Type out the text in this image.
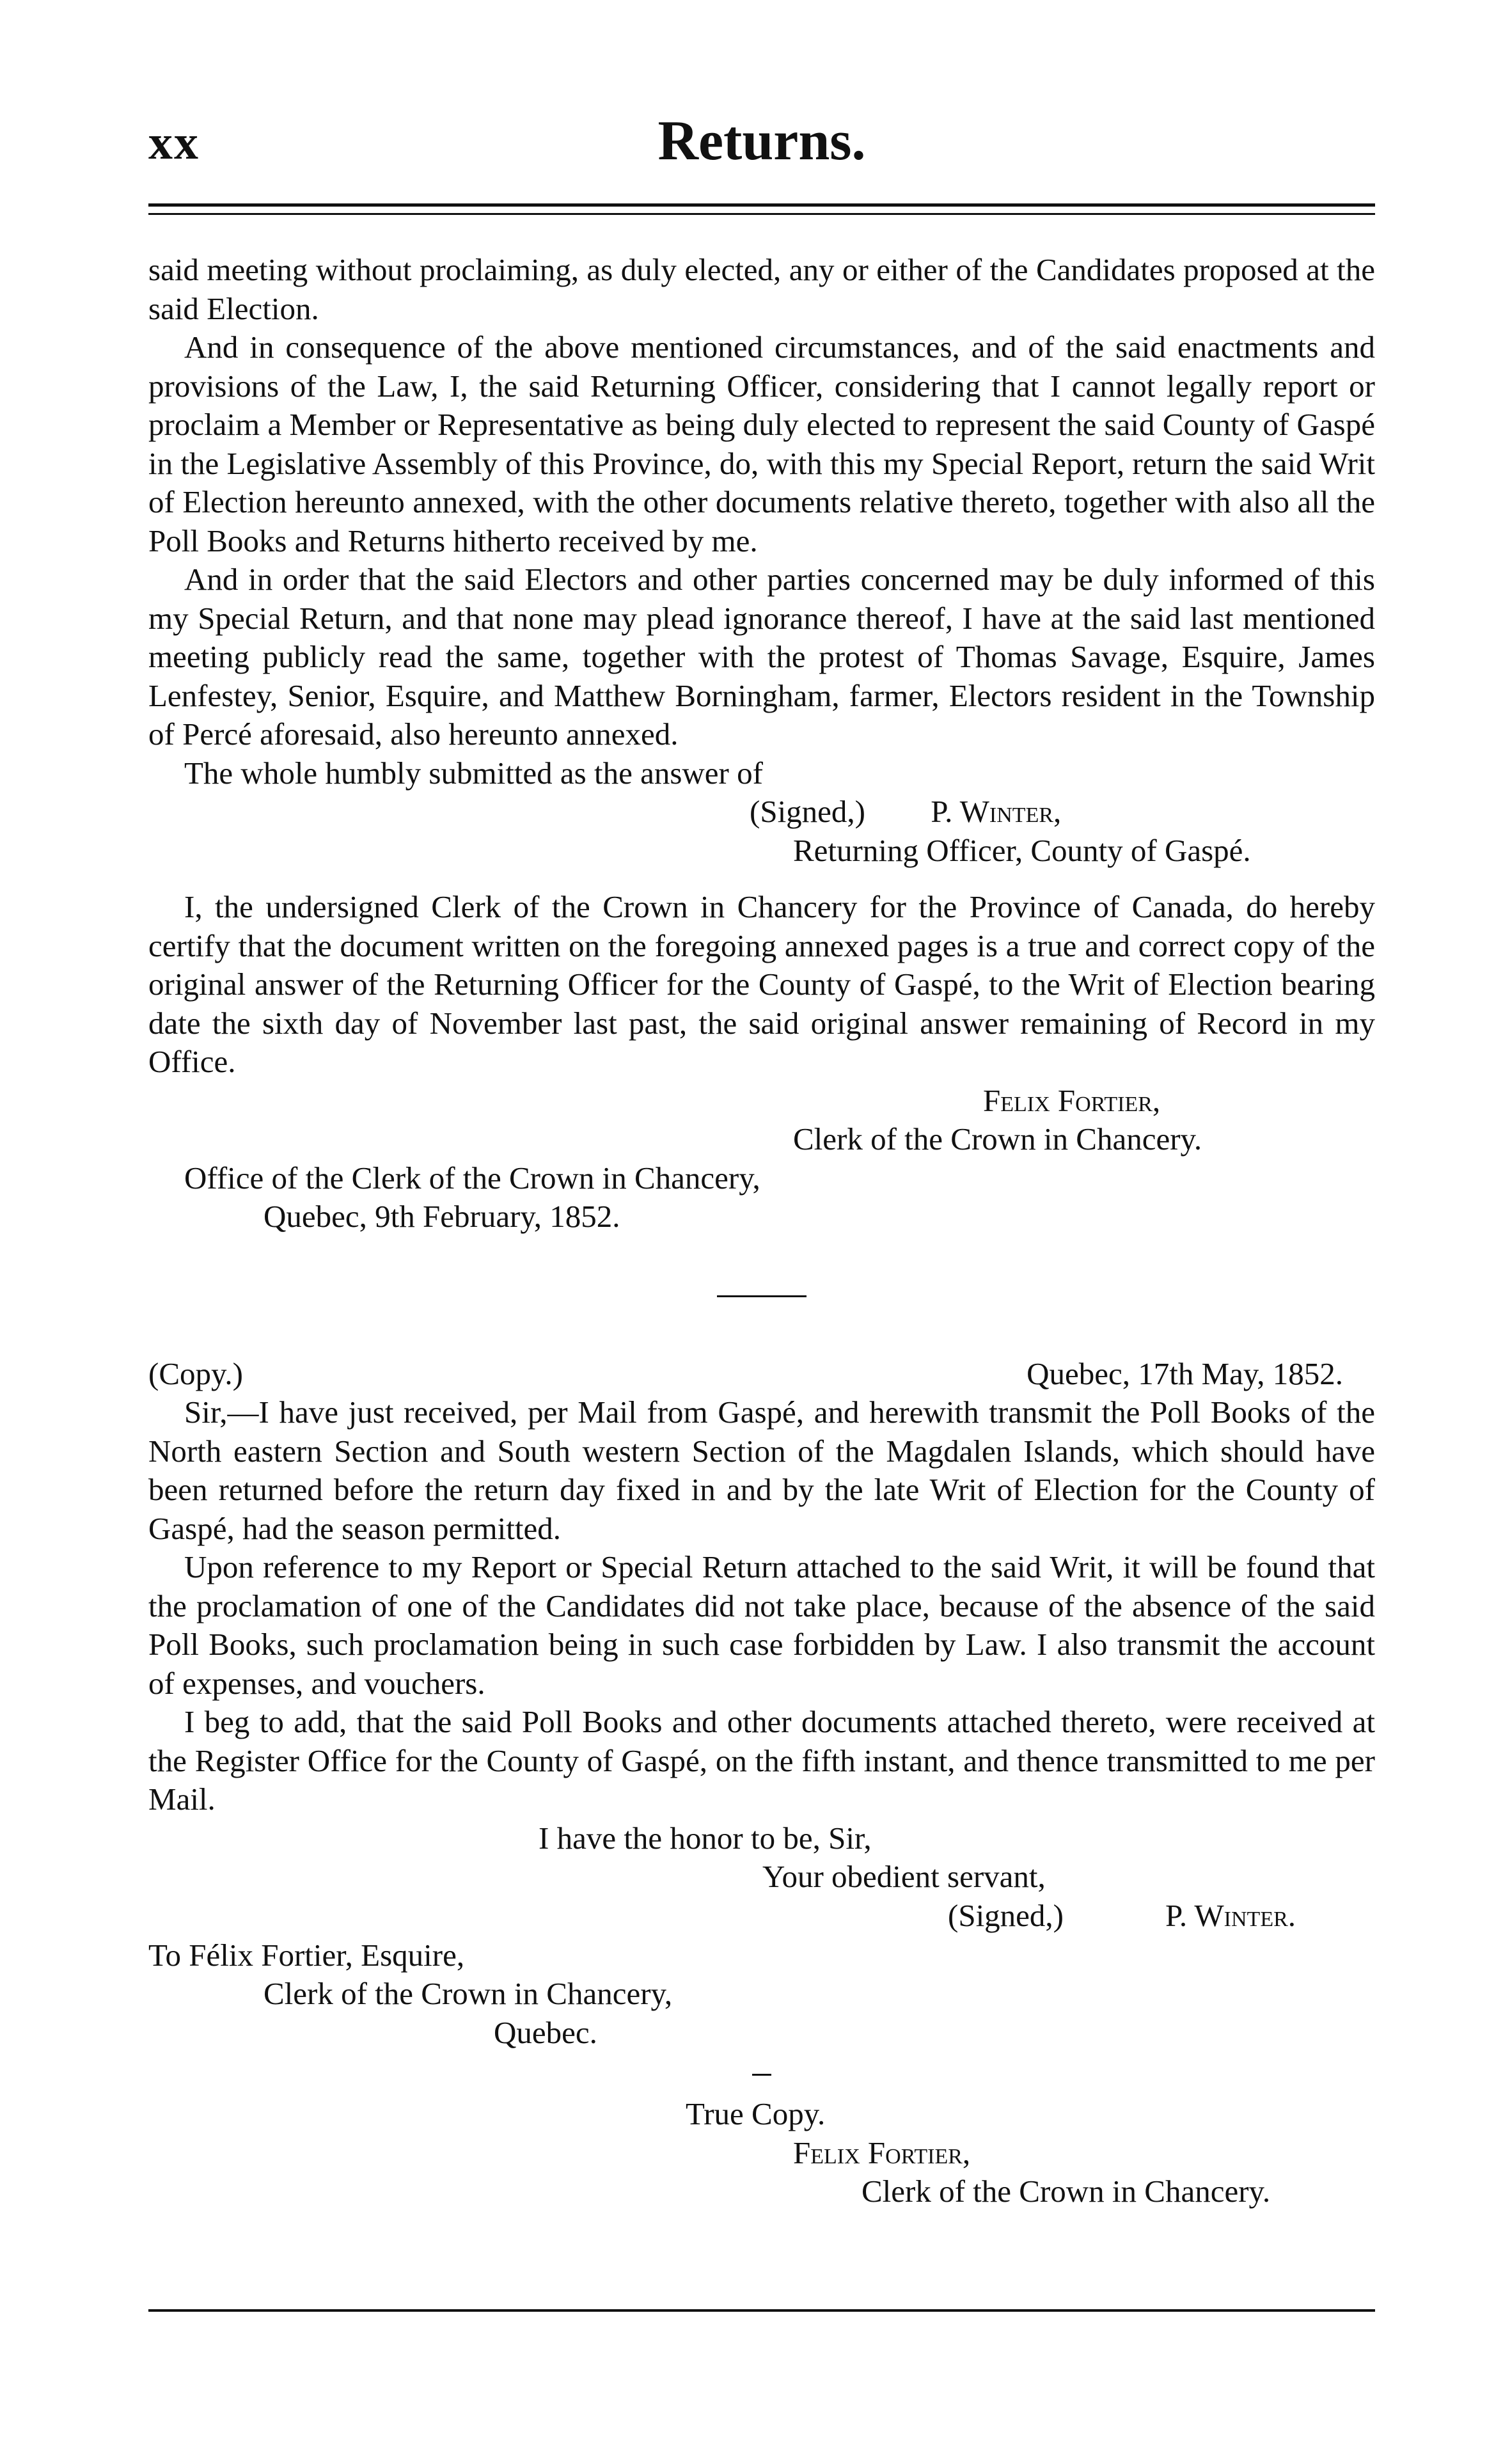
xx	Returns.

said meeting without proclaiming, as duly elected, any or either of the Candidates proposed at the said Election.

And in consequence of the above mentioned circumstances, and of the said enactments and provisions of the Law, I, the said Returning Officer, considering that I cannot legally report or proclaim a Member or Representative as being duly elected to represent the said County of Gaspé in the Legislative Assembly of this Province, do, with this my Special Report, return the said Writ of Election hereunto annexed, with the other documents relative thereto, together with also all the Poll Books and Returns hitherto received by me.

And in order that the said Electors and other parties concerned may be duly informed of this my Special Return, and that none may plead ignorance thereof, I have at the said last mentioned meeting publicly read the same, together with the protest of Thomas Savage, Esquire, James Lenfestey, Senior, Esquire, and Matthew Borningham, farmer, Electors resident in the Township of Percé aforesaid, also hereunto annexed.

The whole humbly submitted as the answer of

(Signed,) P. Winter,
Returning Officer, County of Gaspé.

I, the undersigned Clerk of the Crown in Chancery for the Province of Canada, do hereby certify that the document written on the foregoing annexed pages is a true and correct copy of the original answer of the Returning Officer for the County of Gaspé, to the Writ of Election bearing date the sixth day of November last past, the said original answer remaining of Record in my Office.

Felix Fortier,
Clerk of the Crown in Chancery.
Office of the Clerk of the Crown in Chancery,
Quebec, 9th February, 1852.
(Copy.)	Quebec, 17th May, 1852.

Sir,—I have just received, per Mail from Gaspé, and herewith transmit the Poll Books of the North eastern Section and South western Section of the Magdalen Islands, which should have been returned before the return day fixed in and by the late Writ of Election for the County of Gaspé, had the season permitted.

Upon reference to my Report or Special Return attached to the said Writ, it will be found that the proclamation of one of the Candidates did not take place, because of the absence of the said Poll Books, such proclamation being in such case forbidden by Law. I also transmit the account of expenses, and vouchers.

I beg to add, that the said Poll Books and other documents attached thereto, were received at the Register Office for the County of Gaspé, on the fifth instant, and thence transmitted to me per Mail.

I have the honor to be, Sir,
Your obedient servant,
(Signed,)	P. Winter.
To Félix Fortier, Esquire,
Clerk of the Crown in Chancery,
Quebec.
True Copy.
Felix Fortier,
Clerk of the Crown in Chancery.
